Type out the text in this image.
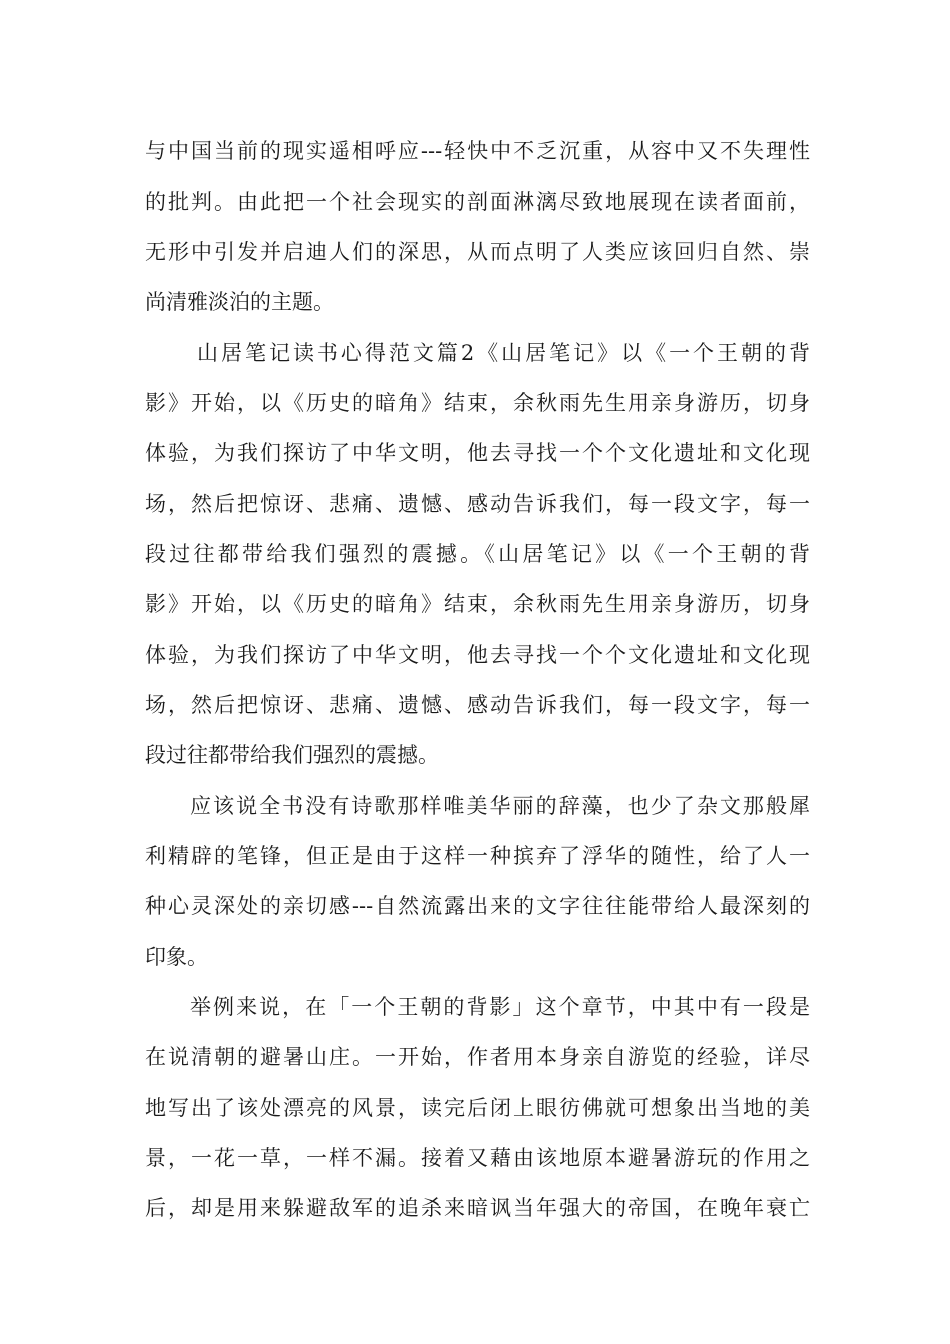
与中国当前的现实遥相呼应---轻快中不乏沉重，从容中又不失理性
的批判。由此把一个社会现实的剖面淋漓尽致地展现在读者面前，
无形中引发并启迪人们的深思，从而点明了人类应该回归自然、崇
尚清雅淡泊的主题。
山居笔记读书心得范文篇2《山居笔记》以《一个王朝的背
影》开始，以《历史的暗角》结束，余秋雨先生用亲身游历，切身
体验，为我们探访了中华文明，他去寻找一个个文化遗址和文化现
场，然后把惊讶、悲痛、遗憾、感动告诉我们，每一段文字，每一
段过往都带给我们强烈的震撼。《山居笔记》以《一个王朝的背
影》开始，以《历史的暗角》结束，余秋雨先生用亲身游历，切身
体验，为我们探访了中华文明，他去寻找一个个文化遗址和文化现
场，然后把惊讶、悲痛、遗憾、感动告诉我们，每一段文字，每一
段过往都带给我们强烈的震撼。
应该说全书没有诗歌那样唯美华丽的辞藻，也少了杂文那般犀
利精辟的笔锋，但正是由于这样一种摈弃了浮华的随性，给了人一
种心灵深处的亲切感---自然流露出来的文字往往能带给人最深刻的
印象。
举例来说，在「一个王朝的背影」这个章节，中其中有一段是
在说清朝的避暑山庄。一开始，作者用本身亲自游览的经验，详尽
地写出了该处漂亮的风景，读完后闭上眼彷佛就可想象出当地的美
景，一花一草，一样不漏。接着又藉由该地原本避暑游玩的作用之
后，却是用来躲避敌军的追杀来暗讽当年强大的帝国，在晚年衰亡
